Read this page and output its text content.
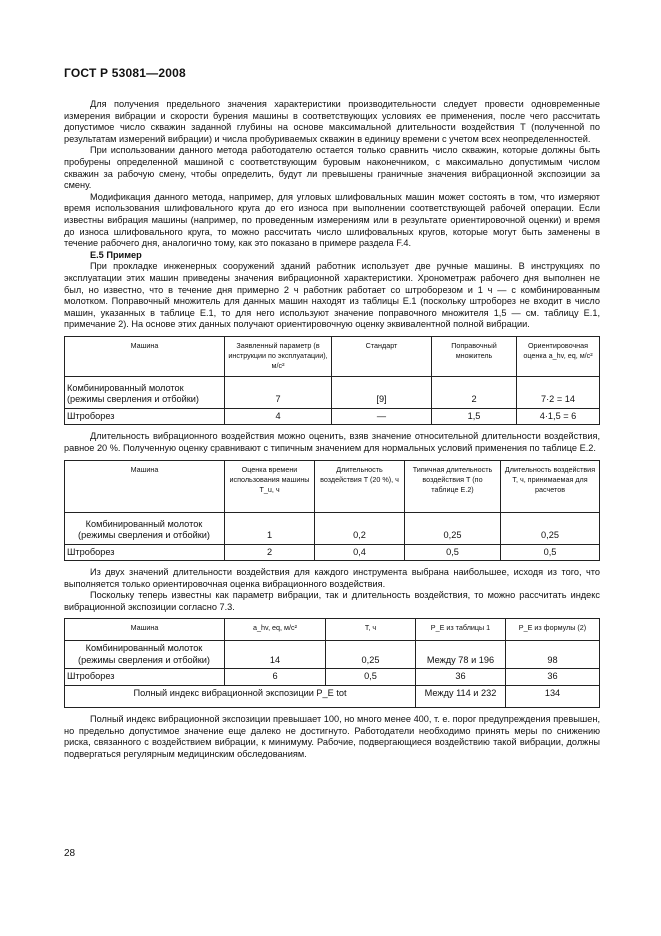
ГОСТ Р 53081—2008

Для получения предельного значения характеристики производительности следует провести одновременные измерения вибрации и скорости бурения машины в соответствующих условиях ее применения, после чего рассчитать допустимое число скважин заданной глубины на основе максимальной длительности воздействия T (полученной по результатам измерений вибрации) и числа пробуриваемых скважин в единицу времени с учетом всех неопределенностей.

При использовании данного метода работодателю остается только сравнить число скважин, которые должны быть пробурены определенной машиной с соответствующим буровым наконечником, с максимально допустимым числом скважин за рабочую смену, чтобы определить, будут ли превышены граничные значения вибрационной экспозиции за смену.

Модификация данного метода, например, для угловых шлифовальных машин может состоять в том, что измеряют время использования шлифовального круга до его износа при выполнении соответствующей рабочей операции. Если известны вибрация машины (например, по проведенным измерениям или в результате ориентировочной оценки) и время до износа шлифовального круга, то можно рассчитать число шлифовальных кругов, которые могут быть заменены в течение рабочего дня, аналогично тому, как это показано в примере раздела F.4.

Е.5 Пример

При прокладке инженерных сооружений зданий работник использует две ручные машины. В инструкциях по эксплуатации этих машин приведены значения вибрационной характеристики. Хронометраж рабочего дня выполнен не был, но известно, что в течение дня примерно 2 ч работник работает со штроборезом и 1 ч — с комбинированным молотком. Поправочный множитель для данных машин находят из таблицы Е.1 (поскольку штроборез не входит в число машин, указанных в таблице Е.1, то для него используют значение поправочного множителя 1,5 — см. таблицу Е.1, примечание 2). На основе этих данных получают ориентировочную оценку эквивалентной полной вибрации.

Машина	Заявленный параметр (в инструкции по эксплуатации), м/с²	Стандарт	Поправочный множитель	Ориентировочная оценка a_hv, eq, м/с²
Комбинированный молоток (режимы сверления и отбойки)	7	[9]	2	7·2 = 14
Штроборез	4	—	1,5	4·1,5 = 6

Длительность вибрационного воздействия можно оценить, взяв значение относительной длительности воздействия, равное 20 %. Полученную оценку сравнивают с типичным значением для нормальных условий применения по таблице Е.2.

Машина	Оценка времени использования машины T_u, ч	Длительность воздействия T (20 %), ч	Типичная длительность воздействия T (по таблице Е.2)	Длительность воздействия T, ч, принимаемая для расчетов
Комбинированный молоток (режимы сверления и отбойки)	1	0,2	0,25	0,25
Штроборез	2	0,4	0,5	0,5

Из двух значений длительности воздействия для каждого инструмента выбрана наибольшее, исходя из того, что выполняется только ориентировочная оценка вибрационного воздействия.

Поскольку теперь известны как параметр вибрации, так и длительность воздействия, то можно рассчитать индекс вибрационной экспозиции согласно 7.3.

Машина	a_hv, eq, м/с²	T, ч	P_E из таблицы 1	P_E из формулы (2)
Комбинированный молоток (режимы сверления и отбойки)	14	0,25	Между 78 и 196	98
Штроборез	6	0,5	36	36
Полный индекс вибрационной экспозиции P_E tot			Между 114 и 232	134

Полный индекс вибрационной экспозиции превышает 100, но много менее 400, т. е. порог предупреждения превышен, но предельно допустимое значение еще далеко не достигнуто. Работодатели необходимо принять меры по снижению риска, связанного с воздействием вибрации, к минимуму. Рабочие, подвергающиеся воздействию такой вибрации, должны подвергаться регулярным медицинским обследованиям.

28
